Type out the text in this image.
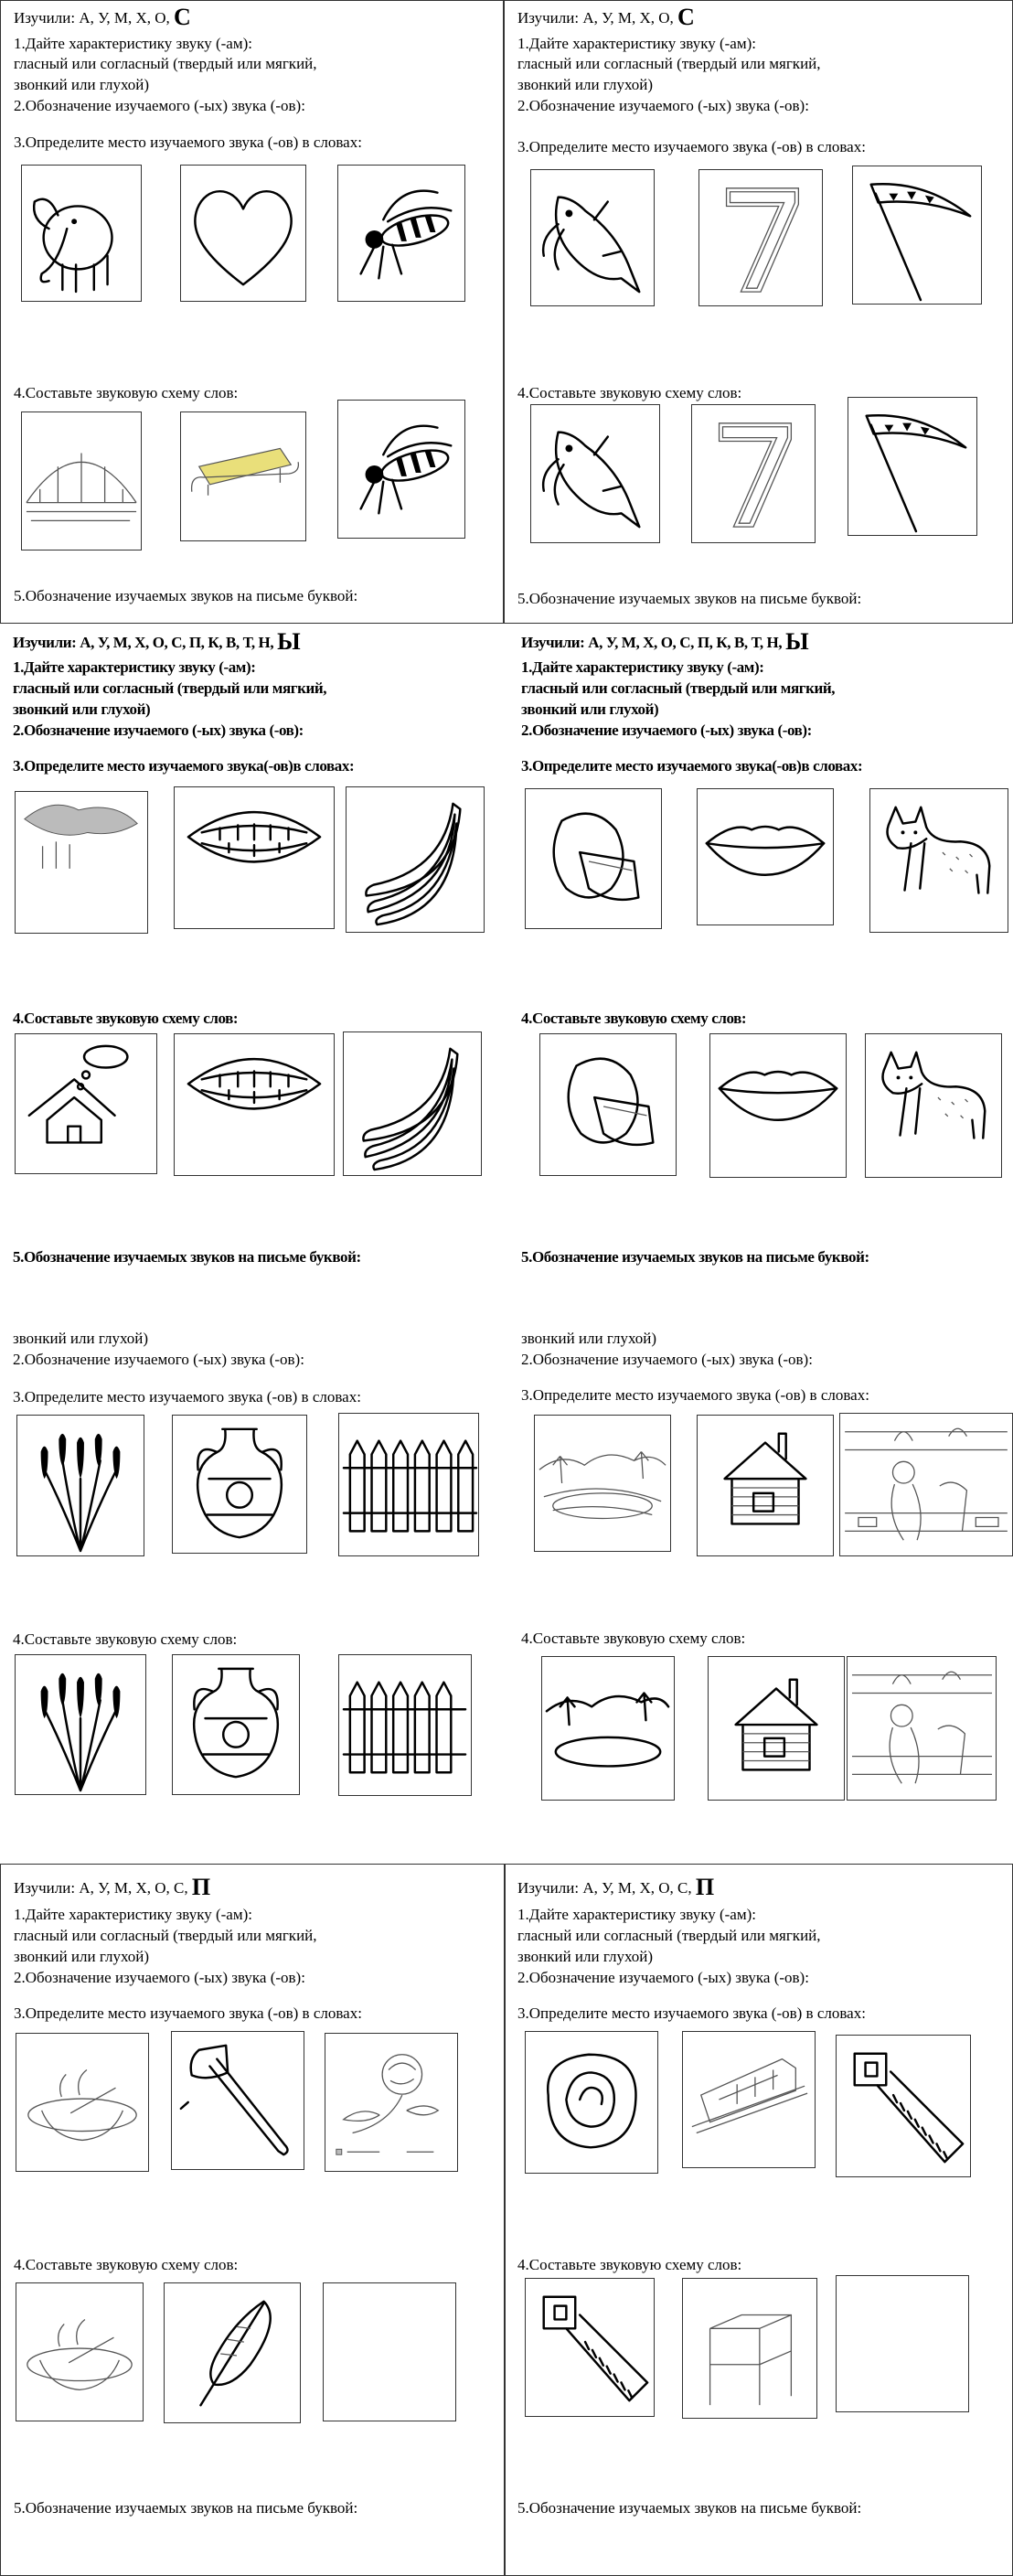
Изучили: А, У, М, Х, О, С
1.Дайте характеристику звуку (-ам):
гласный или согласный (твердый или мягкий,
звонкий или глухой)
2.Обозначение изучаемого (-ых) звука (-ов):
3.Определите место изучаемого звука (-ов) в словах:
4.Составьте звуковую схему слов:
5.Обозначение изучаемых звуков на письме буквой:
Изучили: А, У, М, Х, О, С
1.Дайте характеристику звуку (-ам):
гласный или согласный (твердый или мягкий,
звонкий или глухой)
2.Обозначение изучаемого (-ых) звука (-ов):
3.Определите место изучаемого звука (-ов) в словах:
4.Составьте звуковую схему слов:
5.Обозначение изучаемых звуков на письме буквой:
Изучили: А, У, М, Х, О, С, П, К, В, Т, Н, Ы
1.Дайте характеристику звуку (-ам):
гласный или согласный (твердый или мягкий,
звонкий или глухой)
2.Обозначение изучаемого (-ых) звука (-ов):
3.Определите место изучаемого звука(-ов)в словах:
4.Составьте звуковую схему слов:
5.Обозначение изучаемых звуков на письме буквой:
Изучили: А, У, М, Х, О, С, П, К, В, Т, Н, Ы
1.Дайте характеристику звуку (-ам):
гласный или согласный (твердый или мягкий,
звонкий или глухой)
2.Обозначение изучаемого (-ых) звука (-ов):
3.Определите место изучаемого звука(-ов)в словах:
4.Составьте звуковую схему слов:
5.Обозначение изучаемых звуков на письме буквой:
звонкий или глухой)
2.Обозначение изучаемого (-ых) звука (-ов):
3.Определите место изучаемого звука (-ов) в словах:
4.Составьте звуковую схему слов:
звонкий или глухой)
2.Обозначение изучаемого (-ых) звука (-ов):
3.Определите место изучаемого звука (-ов) в словах:
4.Составьте звуковую схему слов:
Изучили: А, У, М, Х, О, С, П
1.Дайте характеристику звуку (-ам):
гласный или согласный (твердый или мягкий,
звонкий или глухой)
2.Обозначение изучаемого (-ых) звука (-ов):
3.Определите место изучаемого звука (-ов) в словах:
4.Составьте звуковую схему слов:
5.Обозначение изучаемых звуков на письме буквой:
Изучили: А, У, М, Х, О, С, П
1.Дайте характеристику звуку (-ам):
гласный или согласный (твердый или мягкий,
звонкий или глухой)
2.Обозначение изучаемого (-ых) звука (-ов):
3.Определите место изучаемого звука (-ов) в словах:
4.Составьте звуковую схему слов:
5.Обозначение изучаемых звуков на письме буквой:
